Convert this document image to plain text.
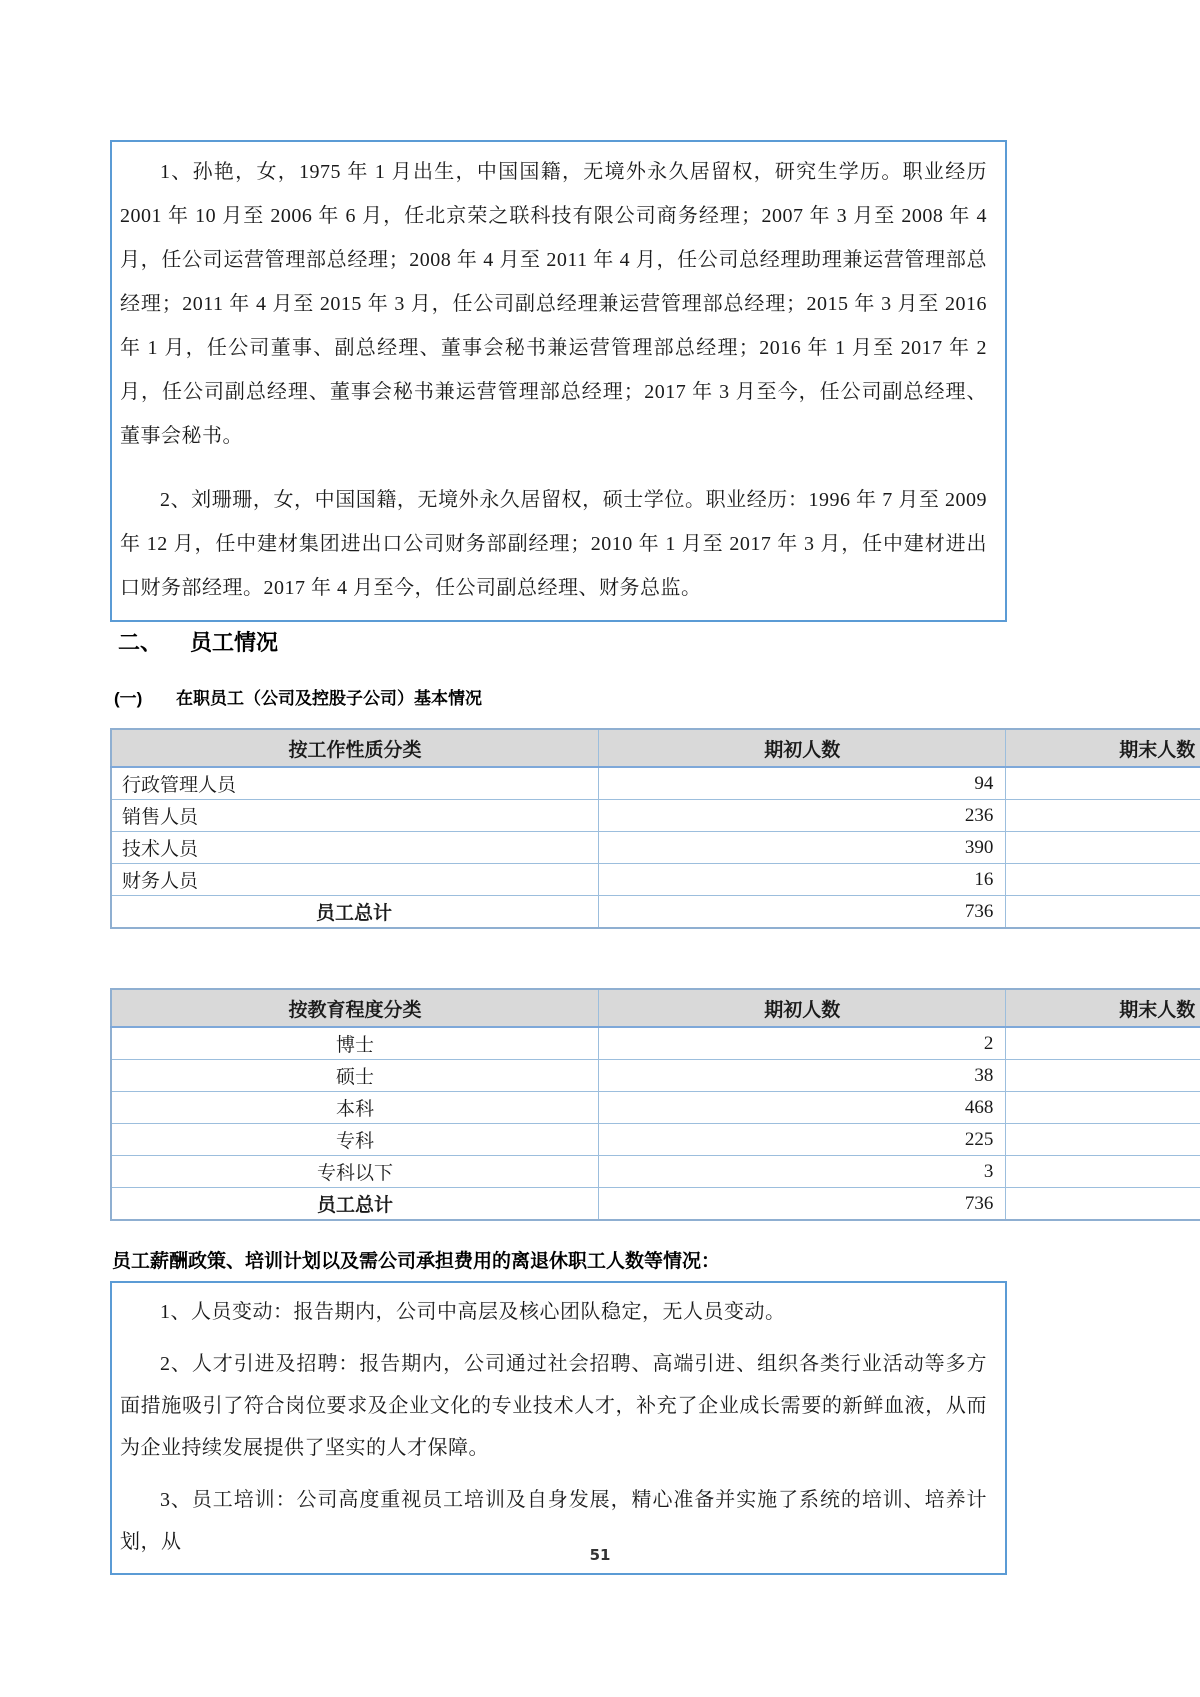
1、孙艳，女，1975 年 1 月出生，中国国籍，无境外永久居留权，研究生学历。职业经历 2001 年 10 月至 2006 年 6 月，任北京荣之联科技有限公司商务经理；2007 年 3 月至 2008 年 4 月，任公司运营管理部总经理；2008 年 4 月至 2011 年 4 月，任公司总经理助理兼运营管理部总经理；2011 年 4 月至 2015 年 3 月，任公司副总经理兼运营管理部总经理；2015 年 3 月至 2016 年 1 月，任公司董事、副总经理、董事会秘书兼运营管理部总经理；2016 年 1 月至 2017 年 2 月，任公司副总经理、董事会秘书兼运营管理部总经理；2017 年 3 月至今，任公司副总经理、董事会秘书。

2、刘珊珊，女，中国国籍，无境外永久居留权，硕士学位。职业经历：1996 年 7 月至 2009 年 12 月，任中建材集团进出口公司财务部副经理；2010 年 1 月至 2017 年 3 月，任中建材进出口财务部经理。2017 年 4 月至今，任公司副总经理、财务总监。

二、	员工情况
(一)	在职员工（公司及控股子公司）基本情况
按工作性质分类	期初人数	期末人数
行政管理人员	94	
销售人员	236	
技术人员	390	
财务人员	16	
员工总计	736	
按教育程度分类	期初人数	期末人数
博士	2	
硕士	38	
本科	468	
专科	225	
专科以下	3	
员工总计	736	
员工薪酬政策、培训计划以及需公司承担费用的离退休职工人数等情况：

1、人员变动：报告期内，公司中高层及核心团队稳定，无人员变动。

2、人才引进及招聘：报告期内，公司通过社会招聘、高端引进、组织各类行业活动等多方面措施吸引了符合岗位要求及企业文化的专业技术人才，补充了企业成长需要的新鲜血液，从而为企业持续发展提供了坚实的人才保障。

3、员工培训：公司高度重视员工培训及自身发展，精心准备并实施了系统的培训、培养计划，从

51
